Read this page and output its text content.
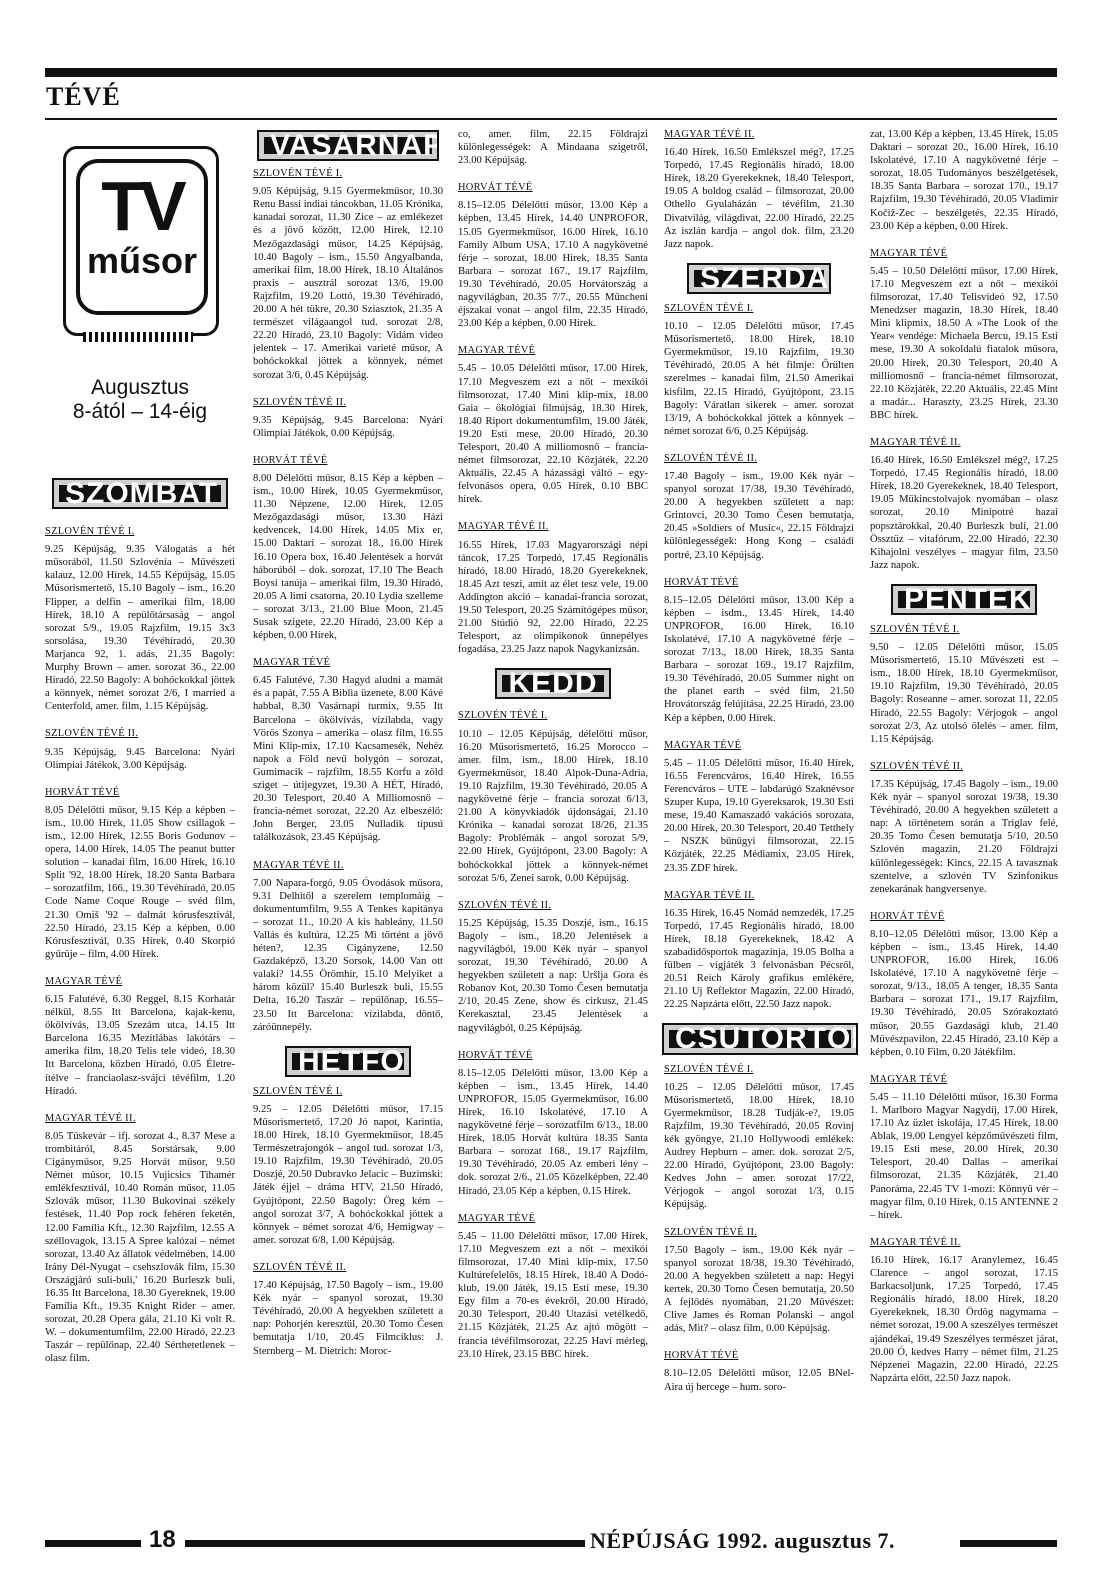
TÉVÉ
TV
műsor
Augusztus
8-ától – 14-éig
SZOMBAT
SZLOVÉN TÉVÉ I.

9.25 Képújság, 9.35 Válogatás a hét műsorából, 11.50 Szlovénia – Művészeti kalauz, 12.00 Hírek, 14.55 Képújság, 15.05 Műsorismertető, 15.10 Bagoly – ism., 16.20 Flipper, a delfin – amerikai film, 18.00 Hírek, 18.10 A repülőtársaság – angol sorozat 5/9., 19.05 Rajzfilm, 19.15 3x3 sorsolása, 19.30 Tévéhíradó, 20.30 Marjanca 92, 1. adás, 21.35 Bagoly: Murphy Brown – amer. sorozat 36., 22.00 Híradó, 22.50 Bagoly: A bohóckokkal jöttek a könnyek, német sorozat 2/6, I married a Centerfold, amer. film, 1.15 Képújság.

SZLOVÉN TÉVÉ II.

9.35 Képújság, 9.45 Barcelona: Nyári Olimpiai Játékok, 3.00 Képújság.

HORVÁT TÉVÉ

8.05 Délelőtti műsor, 9.15 Kép a képben – ism., 10.00 Hírek, 11.05 Show csillagok – ism., 12.00 Hírek, 12.55 Boris Godunov – opera, 14.00 Hírek, 14.05 The peanut butter solution – kanadai film, 16.00 Hírek, 16.10 Split '92, 18.00 Hírek, 18.20 Santa Barbara – sorozatfilm, 166., 19.30 Tévéhíradó, 20.05 Code Name Coque Rouge – svéd film, 21.30 Omiš '92 – dalmát kórusfesztivál, 22.50 Híradó, 23.15 Kép a képben, 0.00 Kórusfesztivál, 0.35 Hírek, 0.40 Skorpió gyűrűje – film, 4.00 Hírek.

MAGYAR TÉVÉ

6.15 Falutévé, 6.30 Reggel, 8.15 Korhatár nélkül, 8.55 Itt Barcelona, kajak-kenu, ökölvívás, 13.05 Szezám utca, 14.15 Itt Barcelona 16.35 Mezítlábas lakótárs – amerika film, 18.20 Telis tele videó, 18.30 Itt Barcelona, közben Híradó, 0.05 Életre-ítélve – franciaolasz-svájci tévéfilm, 1.20 Híradó.

MAGYAR TÉVÉ II.

8.05 Tüskevár – ifj. sorozat 4., 8.37 Mese a trombitáról, 8.45 Sorstársak, 9.00 Cigányműsor, 9.25 Horvát műsor, 9.50 Német műsor, 10.15 Vujicsics Tihamér emlékfesztivál, 10.40 Román műsor, 11.05 Szlovák műsor, 11.30 Bukovinai székely festések, 11.40 Pop rock fehéren feketén, 12.00 Família Kft., 12.30 Rajzfilm, 12.55 A széllovagok, 13.15 A Spree kalózai – német sorozat, 13.40 Az állatok védelmében, 14.00 Irány Dél-Nyugat – csehszlovák film, 15.30 Országjáró suli-buli,' 16.20 Burleszk buli, 16.35 Itt Barcelona, 18.30 Gyereknek, 19.00 Família Kft., 19.35 Knight Rider – amer. sorozat, 20.28 Opera gála, 21.10 Ki volt R. W. – dokumentumfilm, 22.00 Híradó, 22.23 Taszár – repülőnap, 22.40 Sérthetetlenek – olasz film.

VASÁRNAP
SZLOVÉN TÉVÉ I.

9.05 Képújság, 9.15 Gyermekműsor, 10.30 Renu Bassi indiai táncokban, 11.05 Krónika, kanadai sorozat, 11.30 Zice – az emlékezet és a jövő között, 12.00 Hírek, 12.10 Mezőgazdasági műsor, 14.25 Képújság, 10.40 Bagoly – ism., 15.50 Angyalbanda, amerikai film, 18.00 Hírek, 18.10 Általános praxis – ausztrál sorozat 13/6, 19.00 Rajzfilm, 19.20 Lottó, 19.30 Tévéhíradó, 20.00 A hét tükre, 20.30 Sziasztok, 21.35 A természet világaangol tud. sorozat 2/8, 22.20 Híradó, 23.10 Bagoly: Vidám video jelentek – 17. Amerikai varieté műsor, A bohóckokkal jöttek a könnyek, német sorozat 3/6, 0.45 Képújság.

SZLOVÉN TÉVÉ II.

9.35 Képújság, 9.45 Barcelona: Nyári Olimpiai Játékok, 0.00 Képújság.

HORVÁT TÉVÉ

8.00 Délelőtti műsor, 8.15 Kép a képben – ism., 10.00 Hírek, 10.05 Gyermekműsor, 11.30 Népzene, 12.00 Hírek, 12.05 Mezőgazdasági műsor, 13.30 Házi kedvencek, 14.00 Hírek, 14.05 Mix er, 15.00 Daktari – sorozat 18., 16.00 Hírek 16.10 Opera box, 16.40 Jelentések a horvát háborúból – dok. sorozat, 17.10 The Beach Boysi tanúja – amerikai film, 19.30 Híradó, 20.05 A limi csatorna, 20.10 Lydia szelleme – sorozat 3/13., 21.00 Blue Moon, 21.45 Susak szigete, 22.20 Híradó, 23.00 Kép a képben, 0.00 Hírek,

MAGYAR TÉVÉ

6.45 Falutévé, 7.30 Hagyd aludni a mamát és a papát, 7.55 A Biblia üzenete, 8.00 Kávé habbal, 8.30 Vasárnapi turmix, 9.55 Itt Barcelona – ökölvívás, vízilabda, vagy Vörös Szonya – amerika – olasz film, 16.55 Mini Klip-mix, 17.10 Kacsamesék, Nehéz napok a Föld nevű bolygón – sorozat, Gumimacik – rajzfilm, 18.55 Korfu a zöld sziget – útijegyzet, 19.30 A HÉT, Híradó, 20.30 Telesport, 20.40 A Milliomosnő – francia-német sorozat, 22.20 Az elbeszélő: John Berger, 23.05 Nulladik típusú találkozások, 23.45 Képújság.

MAGYAR TÉVÉ II.

7.00 Napara-forgó, 9.05 Óvodások műsora, 9.31 Delhitől a szerelem templomáig – dokumentumfilm, 9.55 A Tenkes kapitánya – sorozat 11., 10.20 A kis hableány, 11.50 Vallás és kultúra, 12.25 Mi történt a jövő héten?, 12.35 Cigányzene, 12.50 Gazdaképző, 13.20 Sorsok, 14.00 Van ott valaki? 14.55 Örömhír, 15.10 Melyiket a három közül? 15.40 Burleszk buli, 15.55 Delta, 16.20 Taszár – repülőnap, 16.55– 23.50 Itt Barcelona: vízilabda, döntő, záróünnepély.

HÉTFŐ
SZLOVÉN TÉVÉ I.

9.25 – 12.05 Délelőtti műsor, 17.15 Műsorismertető, 17.20 Jó napot, Karintia, 18.00 Hírek, 18.10 Gyermekműsor, 18.45 Természetrajongók – angol tud. sorozat 1/3, 19.10 Rajzfilm, 19.30 Tévéhíradó, 20.05 Doszjé, 20.50 Dubravko Jelacic – Buzimski: Játék éjjel – dráma HTV, 21.50 Híradó, Gyújtópont, 22.50 Bagoly: Öreg kém – angol sorozat 3/7, A bohóckokkal jöttek a könnyek – német sorozat 4/6, Hemigway – amer. sorozat 6/8, 1.00 Képújság.

SZLOVÉN TÉVÉ II.

17.40 Képújság, 17.50 Bagoly – ism., 19.00 Kék nyár – spanyol sorozat, 19.30 Tévéhíradó, 20.00 A hegyekben született a nap: Pohorjén keresztül, 20.30 Tomo Česen bemutatja 1/10, 20.45 Filmciklus: J. Sternberg – M. Dietrich: Moroc-

co, amer. film, 22.15 Földrajzi különlegességek: A Mindaana szigetről, 23.00 Képújság.

HORVÁT TÉVÉ

8.15–12.05 Délelőtti műsor, 13.00 Kép a képben, 13.45 Hírek, 14.40 UNPROFOR, 15.05 Gyermekműsor, 16.00 Hírek, 16.10 Family Album USA, 17.10 A nagykövetné férje – sorozat, 18.00 Hírek, 18.35 Santa Barbara – sorozat 167., 19.17 Rajzfilm, 19.30 Tévéhíradó, 20.05 Horvátország a nagyvilágban, 20.35 7/7., 20.55 Müncheni éjszakai vonat – angol film, 22.35 Híradó, 23.00 Kép a képben, 0.00 Hírek.

MAGYAR TÉVÉ

5.45 – 10.05 Délelőtti műsor, 17.00 Hírek, 17.10 Megveszem ezt a nőt – mexikói filmsorozat, 17.40 Mini klip-mix, 18.00 Gaia – ökológiai filmújság, 18.30 Hírek, 18.40 Riport dokumentumfilm, 19.00 Játék, 19.20 Esti mese, 20.00 Híradó, 20.30 Telesport, 20.40 A milliomosnő – francia-német filmsorozat, 22.10 Közjáték, 22.20 Aktuális, 22.45 A házassági váltó – egy-felvonásos opera, 0.05 Hírek, 0.10 BBC hírek.

MAGYAR TÉVÉ II.

16.55 Hírek, 17.03 Magyarországi népi táncok, 17.25 Torpedó, 17.45 Regionális híradó, 18.00 Híradó, 18.20 Gyerekeknek, 18.45 Azt teszi, amit az élet tesz vele, 19.00 Addington akció – kanadai-francia sorozat, 19.50 Telesport, 20.25 Számítógépes műsor, 21.00 Stúdió 92, 22.00 Híradó, 22.25 Telesport, az olimpikonok ünnepélyes fogadása, 23.25 Jazz napok Nagykanizsán.

KEDD
SZLOVÉN TÉVÉ I.

10.10 – 12.05 Képújság, délelőtti műsor, 16.20 Műsorismertető, 16.25 Morocco – amer. film, ism., 18.00 Hírek, 18.10 Gyermekműsor, 18.40 Alpok-Duna-Adria, 19.10 Rajzfilm, 19.30 Tévéhíradó, 20.05 A nagykövetné férje – francia sorozat 6/13, 21.00 A könyvkiadók újdonságai, 21.10 Krónika – kanadai sorozat 18/26, 21.35 Bagoly: Problémák – angol sorozat 5/9, 22.00 Hírek, Gyújtópont, 23.00 Bagoly: A bohóckokkal jöttek a könnyek-német sorozat 5/6, Zenei sarok, 0.00 Képújság.

SZLOVÉN TÉVÉ II.

15.25 Képújság, 15.35 Doszjé, ism., 16.15 Bagoly – ism., 18.20 Jelentések a nagyvilágból, 19.00 Kék nyár – spanyol sorozat, 19.30 Tévéhíradó, 20.00 A hegyekben született a nap: Uršlja Gora és Robanov Kot, 20.30 Tomo Česen bemutatja 2/10, 20.45 Zene, show és cirkusz, 21.45 Kerekasztal, 23.45 Jelentések a nagyvilágból, 0.25 Képújság.

HORVÁT TÉVÉ

8.15–12.05 Délelőtti műsor, 13.00 Kép a képben – ism., 13.45 Hírek, 14.40 UNPROFOR, 15.05 Gyermekműsor, 16.00 Hírek, 16.10 Iskolatévé, 17.10 A nagykövetné férje – sorozatfilm 6/13., 18.00 Hírek, 18.05 Horvát kultúra 18.35 Santa Barbara – sorozat 168., 19.17 Rajzfilm, 19.30 Tévéhíradó, 20.05 Az emberi lény – dok. sorozat 2/6., 21.05 Közelképben, 22.40 Híradó, 23.05 Kép a képben, 0.15 Hírek.

MAGYAR TÉVÉ

5.45 – 11.00 Délelőtti műsor, 17.00 Hírek, 17.10 Megveszem ezt a nőt – mexikói filmsorozat, 17.40 Mini klip-mix, 17.50 Kultúrefelelős, 18.15 Hírek, 18.40 A Dodó-klub, 19.00 Játék, 19.15 Esti mese, 19.30 Egy film a 70-es évekről, 20.00 Híradó, 20.30 Telesport, 20.40 Utazási vetélkedő, 21.15 Közjáték, 21.25 Az ajtó mögött – francia tévéfilmsorozat, 22.25 Havi mérleg, 23.10 Hírek, 23.15 BBC hírek.

MAGYAR TÉVÉ II.

16.40 Hírek, 16.50 Emlékszel még?, 17.25 Torpedó, 17.45 Regionális híradó, 18.00 Hírek, 18.20 Gyerekeknek, 18.40 Telesport, 19.05 A boldog család – filmsorozat, 20.00 Othello Gyulaházán – tévéfilm, 21.30 Divatvilág, világdivat, 22.00 Híradó, 22.25 Az iszlán kardja – angol dok. film, 23.20 Jazz napok.

SZERDA
SZLOVÉN TÉVÉ I.

10.10 – 12.05 Délelőtti műsor, 17.45 Műsorismertető, 18.00 Hírek, 18.10 Gyermekműsor, 19.10 Rajzfilm, 19.30 Tévéhíradó, 20.05 A hét filmje: Őrülten szerelmes – kanadai film, 21.50 Amerikai kisfilm, 22.15 Híradó, Gyújtópont, 23.15 Bagoly: Váratlan sikerek – amer. sorozat 13/19, A bohóckokkal jöttek a könnyek – német sorozat 6/6, 0.25 Képújság.

SZLOVÉN TÉVÉ II.

17.40 Bagoly – ism., 19.00 Kék nyár – spanyol sorozat 17/38, 19.30 Tévéhíradó, 20.00 A hegyekben született a nap: Grintovci, 20.30 Tomo Česen bemutatja, 20.45 »Soldiers of Music«, 22.15 Földrajzi különlegességek: Hong Kong – családi portré, 23.10 Képújság.

HORVÁT TÉVÉ

8.15–12.05 Délelőtti műsor, 13.00 Kép a képben – isdm., 13.45 Hírek, 14.40 UNPROFOR, 16.00 Hírek, 16.10 Iskolatévé, 17.10 A nagykövetné férje – sorozat 7/13., 18.00 Hírek, 18.35 Santa Barbara – sorozat 169., 19.17 Rajzfilm, 19.30 Tévéhíradó, 20.05 Summer night on the planet earth – svéd film, 21.50 Hrovátország felújítása, 22.25 Híradó, 23.00 Kép a képben, 0.00 Hírek.

MAGYAR TÉVÉ

5.45 – 11.05 Délelőtti műsor, 16.40 Hírek, 16.55 Ferencváros, 16.40 Hírek, 16.55 Ferencváros – UTE – labdarúgó Szaknévsor Szuper Kupa, 19.10 Gyereksarok, 19.30 Esti mese, 19.40 Kamaszadó vakációs sorozata, 20.00 Hírek, 20.30 Telesport, 20.40 Tetthely – NSZK bűnügyi filmsorozat, 22.15 Közjáték, 22.25 Médiamix, 23.05 Hírek, 23.35 ZDF hírek.

MAGYAR TÉVÉ II.

16.35 Hírek, 16.45 Nomád nemzedék, 17.25 Torpedó, 17.45 Regionális híradó, 18.00 Hírek, 18.18 Gyerekeknek, 18.42 A szabadidősportok magazinja, 19.05 Bolha a fülben – vígjáték 3 felvonásban Pécsről, 20.51 Reich Károly grafikus emlékére, 21.10 Uj Reflektor Magazin, 22.00 Híradó, 22.25 Napzárta előtt, 22.50 Jazz napok.

CSÜTÖRTÖK
SZLOVÉN TÉVÉ I.

10.25 – 12.05 Délelőtti műsor, 17.45 Műsorismertető, 18.00 Hírek, 18.10 Gyermekműsor, 18.28 Tudják-e?, 19.05 Rajzfilm, 19.30 Tévéhíradó, 20.05 Rovinj kék gyöngye, 21.10 Hollywoodi emlékek: Audrey Hepburn – amer. dok. sorozat 2/5, 22.00 Híradó, Gyújtópont, 23.00 Bagoly: Kedves John – amer. sorozat 17/22, Vérjogok – angol sorozat 1/3, 0.15 Képújság.

SZLOVÉN TÉVÉ II.

17.50 Bagoly – ism., 19.00 Kék nyár – spanyol sorozat 18/38, 19.30 Tévéhíradó, 20.00 A hegyekben született a nap: Hegyi kertek, 20.30 Tomo Česen bemutatja, 20.50 A fejlődés nyomában, 21.20 Művészet: Clive James és Roman Polanski – angol adás, Mit? – olasz film, 0.00 Képújság.

HORVÁT TÉVÉ

8.10–12.05 Délelőtti műsor, 12.05 BNel-Aira új hercege – hum. soro-

zat, 13.00 Kép a képben, 13.45 Hírek, 15.05 Daktari – sorozat 20., 16.00 Hírek, 16.10 Iskolatévé, 17.10 A nagykövetné férje – sorozat, 18.05 Tudományos beszélgetések, 18.35 Santa Barbara – sorozat 170., 19.17 Rajzfilm, 19.30 Tévéhíradó, 20.05 Vladimir Kočiž-Zec – beszélgetés, 22.35 Híradó, 23.00 Kép a képben, 0.00 Hírek.

MAGYAR TÉVÉ

5.45 – 10.50 Délelőtti műsor, 17.00 Hírek, 17.10 Megveszem ezt a nőt – mexikói filmsorozat, 17.40 Telisvideó 92, 17.50 Menedzser magazin, 18.30 Hírek, 18.40 Mini klipmix, 18.50 A »The Look of the Year« vendége: Michaela Bercu, 19.15 Esti mese, 19.30 A sokoldalú fiatalok műsora, 20.00 Hírek, 20.30 Telesport, 20.40 A milliomosnő – francia-német filmsorozat, 22.10 Közjáték, 22.20 Aktuális, 22.45 Mint a madár... Haraszty, 23.25 Hírek, 23.30 BBC hírek.

MAGYAR TÉVÉ II.

16.40 Hírek, 16.50 Emlékszel még?, 17.25 Torpedó, 17.45 Regionális híradó, 18.00 Hírek, 18.20 Gyerekeknek, 18.40 Telesport, 19.05 Mükincstolvajok nyomában – olasz sorozat, 20.10 Minipotré hazai popsztárokkal, 20.40 Burleszk buli, 21.00 Össztűz – vitafórum, 22.00 Híradó, 22.30 Kihajolni veszélyes – magyar film, 23.50 Jazz napok.

PÉNTEK
SZLOVÉN TÉVÉ I.

9.50 – 12.05 Délelőtti műsor, 15.05 Műsorismertető, 15.10 Művészeti est – ism., 18.00 Hírek, 18.10 Gyermekműsor, 19.10 Rajzfilm, 19.30 Tévéhíradó, 20.05 Bagoly: Roseanne – amer. sorozat 11, 22.05 Híradó, 22.55 Bagoly: Vérjogok – angol sorozat 2/3, Az utolsó ölelés – amer. film, 1.15 Képújság.

SZLOVÉN TÉVÉ II.

17.35 Képújság, 17.45 Bagoly – ism., 19.00 Kék nyár – spanyol sorozat 19/38, 19.30 Tévéhíradó, 20.00 A hegyekben született a nap: A történetem során a Triglav felé, 20.35 Tomo Česen bemutatja 5/10, 20.50 Szlovén magazin, 21.20 Földrajzi különlegességek: Kincs, 22.15 A tavasznak szentelve, a szlovén TV Szinfonikus zenekarának hangversenye.

HORVÁT TÉVÉ

8.10–12.05 Délelőtti műsor, 13.00 Kép a képben – ism., 13.45 Hírek, 14.40 UNPROFOR, 16.00 Hírek, 16.06 Iskolatévé, 17.10 A nagykövetné férje – sorozat, 9/13., 18.05 A tenger, 18.35 Santa Barbara – sorozat 171., 19.17 Rajzfilm, 19.30 Tévéhíradó, 20.05 Szórakoztató műsor, 20.55 Gazdasági klub, 21.40 Művészpavilon, 22.45 Híradó, 23.10 Kép a képben, 0.10 Film, 0.20 Játékfilm.

MAGYAR TÉVÉ

5.45 – 11.10 Délelőtti műsor, 16.30 Forma 1. Marlboro Magyar Nagydíj, 17.00 Hírek, 17.10 Az üzlet iskolája, 17.45 Hírek, 18.00 Ablak, 19.00 Lengyel képzőművészeti film, 19.15 Esti mese, 20.00 Hírek, 20.30 Telesport, 20.40 Dallas – amerikai filmsorozat, 21.35 Közjáték, 21.40 Panoráma, 22.45 TV 1-mozi: Könnyű vér – magyar film, 0.10 Hírek, 0.15 ANTENNE 2 – hírek.

MAGYAR TÉVÉ II.

16.10 Hírek, 16.17 Aranylemez, 16.45 Clarence – angol sorozat, 17.15 Barkacsoljunk, 17.25 Torpedó, 17.45 Regionális híradó, 18.00 Hírek, 18.20 Gyerekeknek, 18.30 Ördög nagymama – német sorozat, 19.00 A szeszélyes természet ajándékai, 19.49 Szeszélyes természet járat, 20.00 Ó, kedves Harry – német film, 21.25 Népzenei Magazin, 22.00 Híradó, 22.25 Napzárta előtt, 22.50 Jazz napok.

18	NÉPÚJSÁG 1992. augusztus 7.
